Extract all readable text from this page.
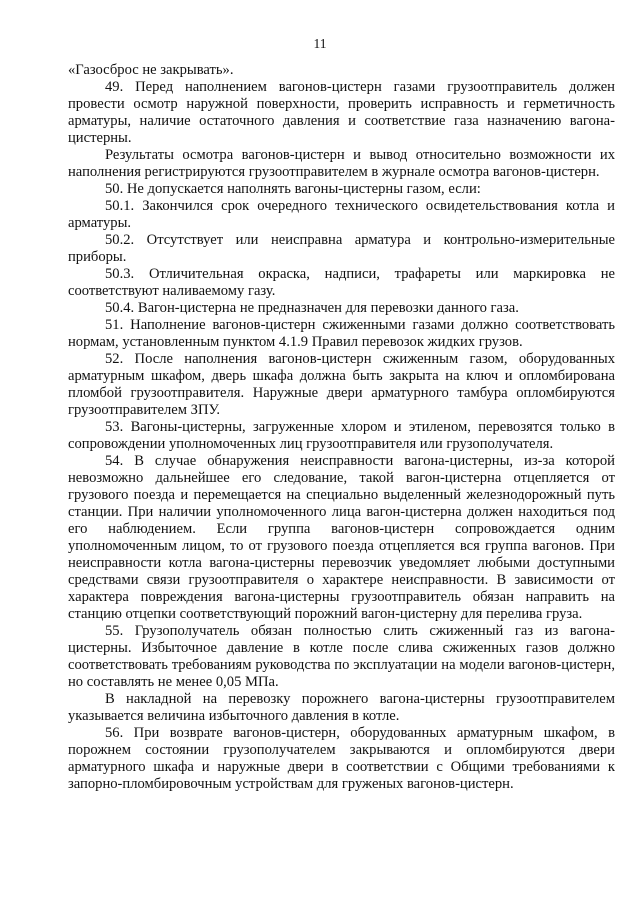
11

«Газосброс не закрывать».

49. Перед наполнением вагонов-цистерн газами грузоотправитель должен провести осмотр наружной поверхности, проверить исправность и герметичность арматуры, наличие остаточного давления и соответствие газа назначению вагона-цистерны.

Результаты осмотра вагонов-цистерн и вывод относительно возможности их наполнения регистрируются грузоотправителем в журнале осмотра вагонов-цистерн.

50. Не допускается наполнять вагоны-цистерны газом, если:

50.1. Закончился срок очередного технического освидетельствования котла и арматуры.

50.2. Отсутствует или неисправна арматура и контрольно-измерительные приборы.

50.3. Отличительная окраска, надписи, трафареты или маркировка не соответствуют наливаемому газу.

50.4. Вагон-цистерна не предназначен для перевозки данного газа.

51. Наполнение вагонов-цистерн сжиженными газами должно соответствовать нормам, установленным пунктом 4.1.9 Правил перевозок жидких грузов.

52. После наполнения вагонов-цистерн сжиженным газом, оборудованных арматурным шкафом, дверь шкафа должна быть закрыта на ключ и опломбирована пломбой грузоотправителя. Наружные двери арматурного тамбура опломбируются грузоотправителем ЗПУ.

53. Вагоны-цистерны, загруженные хлором и этиленом, перевозятся только в сопровождении уполномоченных лиц грузоотправителя или грузополучателя.

54. В случае обнаружения неисправности вагона-цистерны, из-за которой невозможно дальнейшее его следование, такой вагон-цистерна отцепляется от грузового поезда и перемещается на специально выделенный железнодорожный путь станции. При наличии уполномоченного лица вагон-цистерна должен находиться под его наблюдением. Если группа вагонов-цистерн сопровождается одним уполномоченным лицом, то от грузового поезда отцепляется вся группа вагонов. При неисправности котла вагона-цистерны перевозчик уведомляет любыми доступными средствами связи грузоотправителя о характере неисправности. В зависимости от характера повреждения вагона-цистерны грузоотправитель обязан направить на станцию отцепки соответствующий порожний вагон-цистерну для перелива груза.

55. Грузополучатель обязан полностью слить сжиженный газ из вагона-цистерны. Избыточное давление в котле после слива сжиженных газов должно соответствовать требованиям руководства по эксплуатации на модели вагонов-цистерн, но составлять не менее 0,05 МПа.

В накладной на перевозку порожнего вагона-цистерны грузоотправителем указывается величина избыточного давления в котле.

56. При возврате вагонов-цистерн, оборудованных арматурным шкафом, в порожнем состоянии грузополучателем закрываются и опломбируются двери арматурного шкафа и наружные двери в соответствии с Общими требованиями к запорно-пломбировочным устройствам для груженых вагонов-цистерн.
